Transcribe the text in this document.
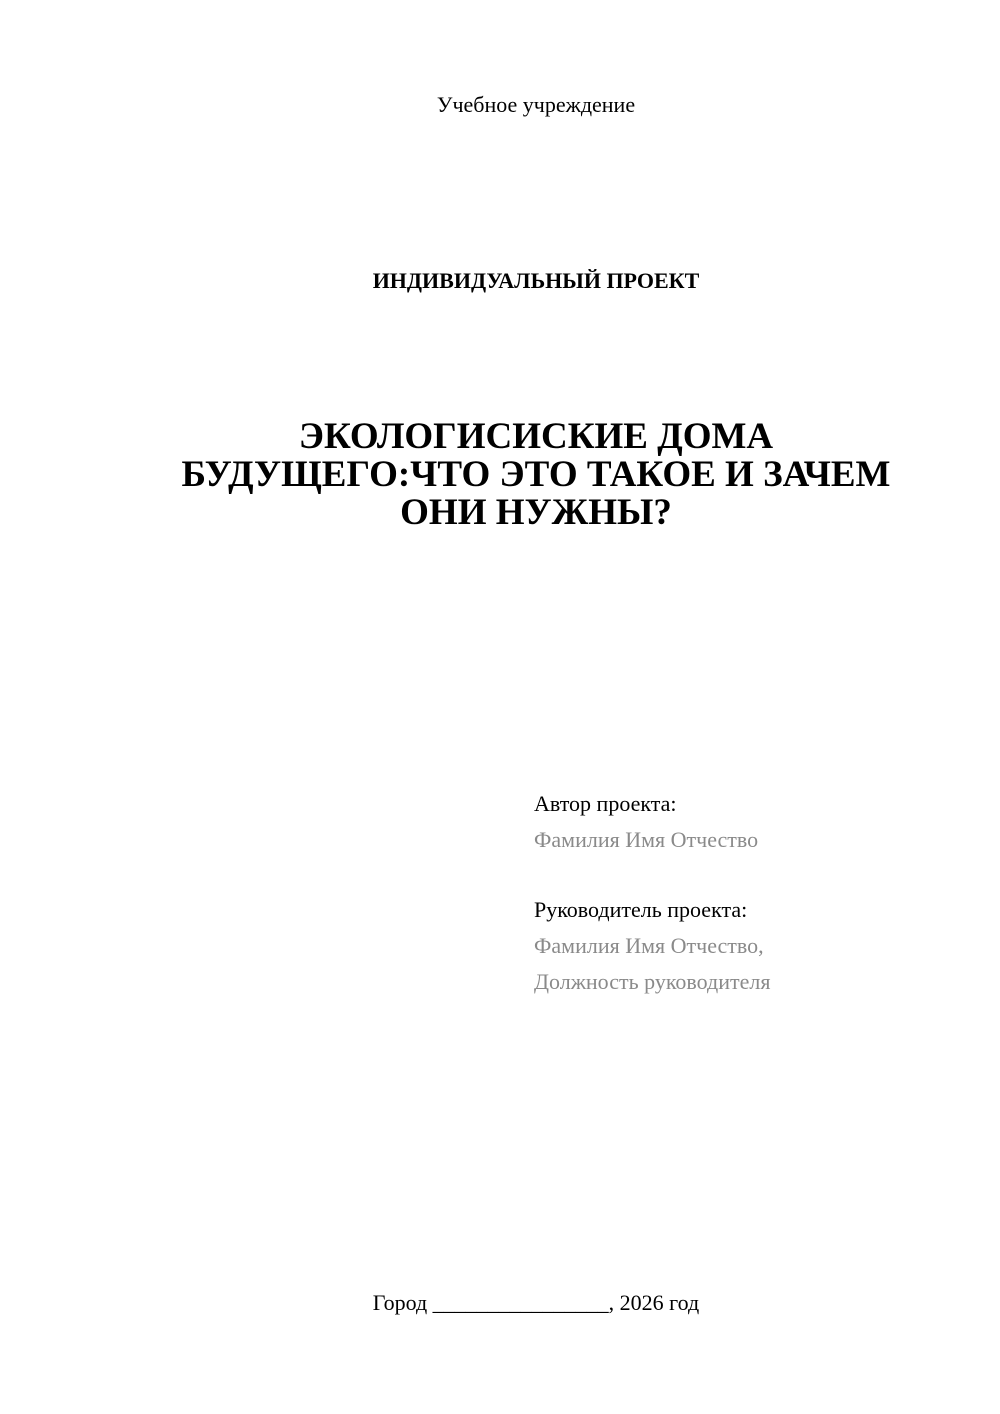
Учебное учреждение
ИНДИВИДУАЛЬНЫЙ ПРОЕКТ
ЭКОЛОГИСИСКИЕ ДОМА
БУДУЩЕГО:ЧТО ЭТО ТАКОЕ И ЗАЧЕМ
ОНИ НУЖНЫ?
Автор проекта:
Фамилия Имя Отчество
Руководитель проекта:
Фамилия Имя Отчество,
Должность руководителя
Город ________________, 2026 год
